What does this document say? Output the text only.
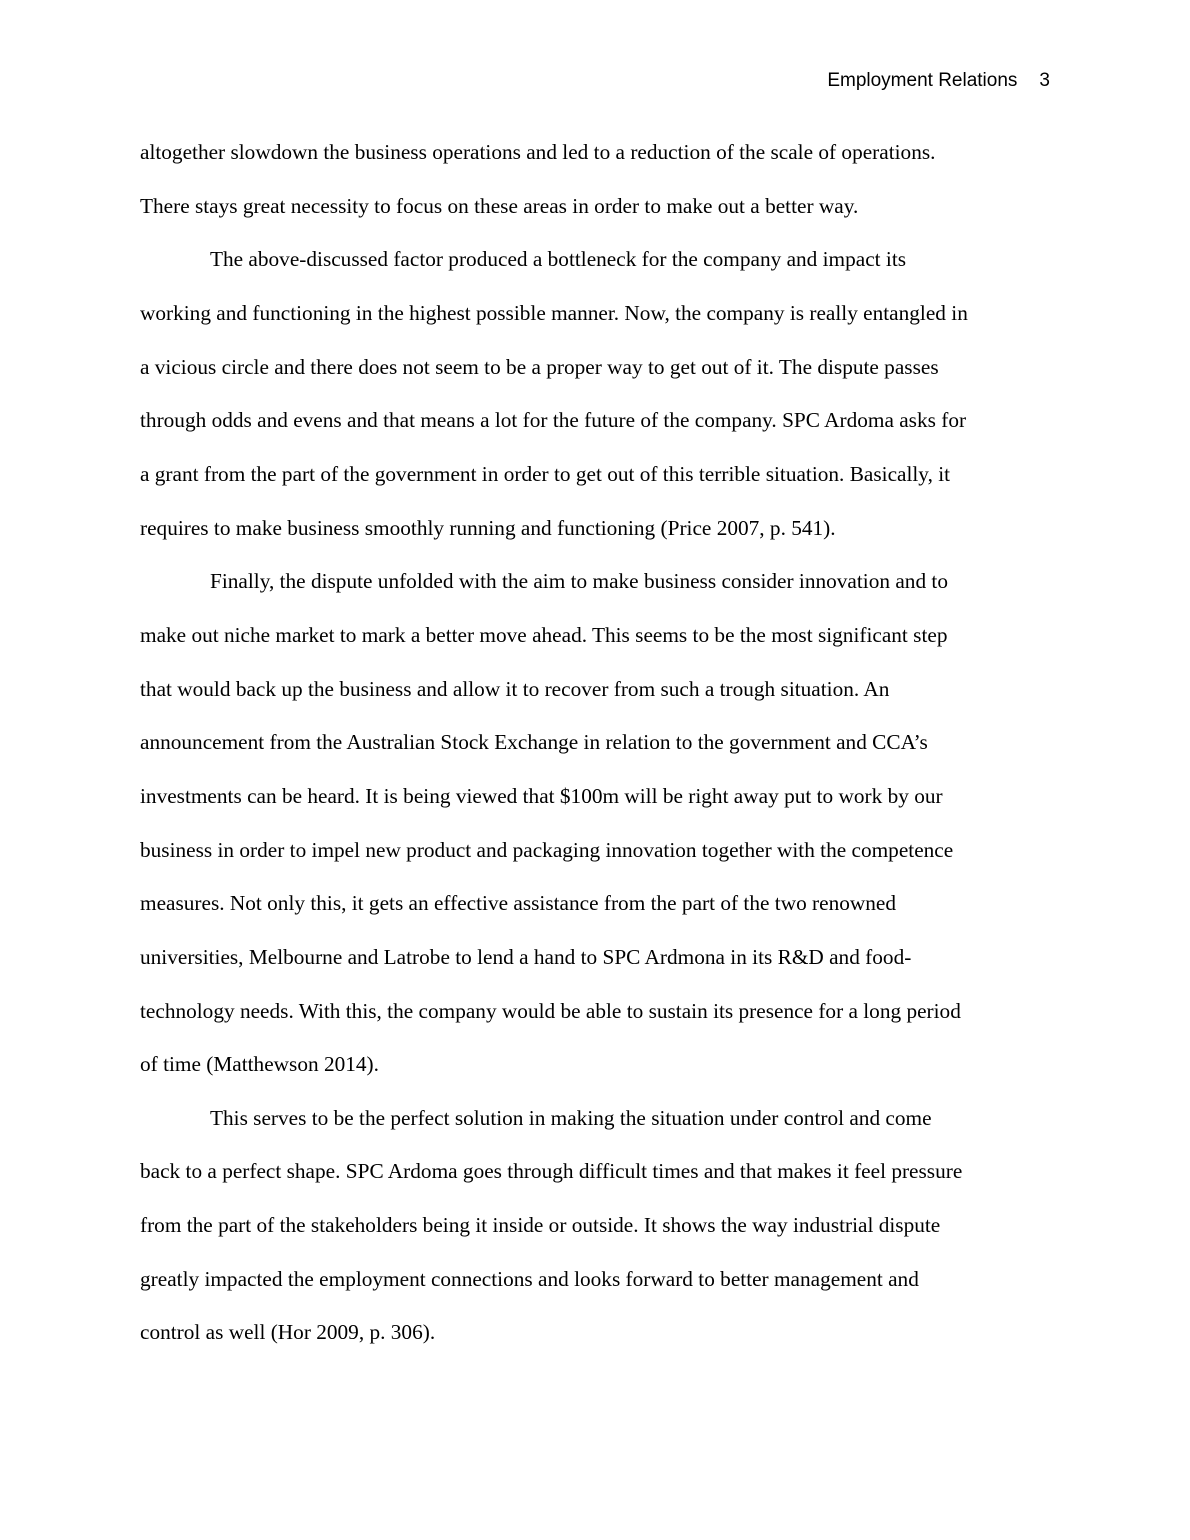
Employment Relations 3
altogether slowdown the business operations and led to a reduction of the scale of operations.
There stays great necessity to focus on these areas in order to make out a better way.
The above-discussed factor produced a bottleneck for the company and impact its
working and functioning in the highest possible manner. Now, the company is really entangled in
a vicious circle and there does not seem to be a proper way to get out of it. The dispute passes
through odds and evens and that means a lot for the future of the company. SPC Ardoma asks for
a grant from the part of the government in order to get out of this terrible situation. Basically, it
requires to make business smoothly running and functioning (Price 2007, p. 541).
Finally, the dispute unfolded with the aim to make business consider innovation and to
make out niche market to mark a better move ahead. This seems to be the most significant step
that would back up the business and allow it to recover from such a trough situation. An
announcement from the Australian Stock Exchange in relation to the government and CCA’s
investments can be heard. It is being viewed that $100m will be right away put to work by our
business in order to impel new product and packaging innovation together with the competence
measures. Not only this, it gets an effective assistance from the part of the two renowned
universities, Melbourne and Latrobe to lend a hand to SPC Ardmona in its R&D and food-
technology needs. With this, the company would be able to sustain its presence for a long period
of time (Matthewson 2014).
This serves to be the perfect solution in making the situation under control and come
back to a perfect shape. SPC Ardoma goes through difficult times and that makes it feel pressure
from the part of the stakeholders being it inside or outside. It shows the way industrial dispute
greatly impacted the employment connections and looks forward to better management and
control as well (Hor 2009, p. 306).
